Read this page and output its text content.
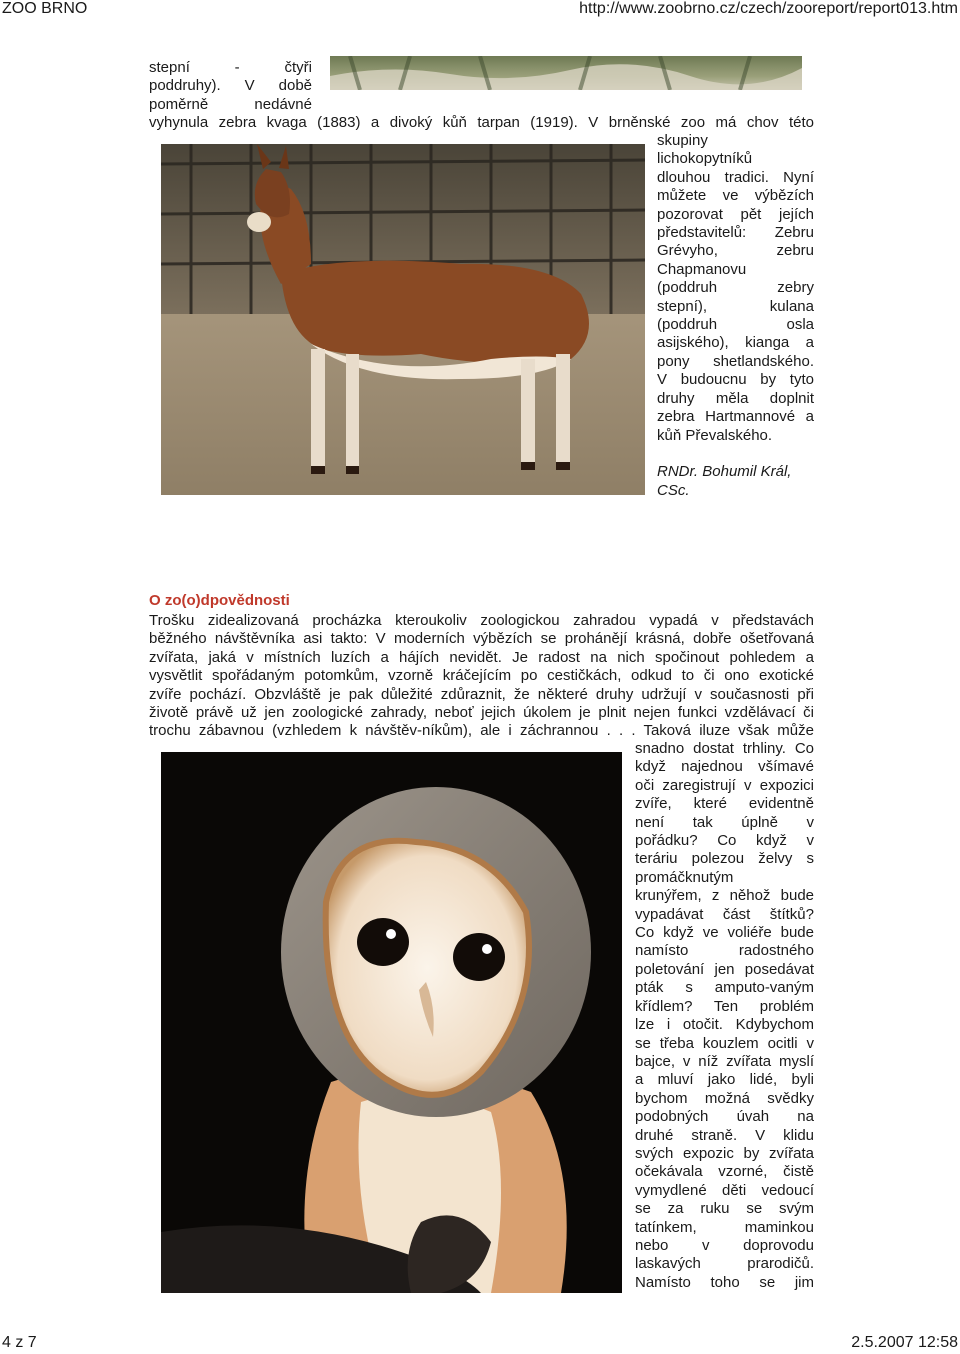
ZOO BRNO	http://www.zoobrno.cz/czech/zooreport/report013.htm
stepní - čtyři
poddruhy). V době
poměrně nedávné
vyhynula zebra kvaga (1883) a divoký kůň tarpan (1919). V brněnské zoo má chov této
skupiny
lichokopytníků
dlouhou tradici. Nyní
můžete ve výbězích
pozorovat pět jejích
představitelů: Zebru
Grévyho, zebru
Chapmanovu
(poddruh zebry
stepní), kulana
(poddruh osla
asijského), kianga a
pony shetlandského.
V budoucnu by tyto
druhy měla doplnit
zebra Hartmannové a
kůň Převalského.
RNDr. Bohumil Král,
CSc.
O zo(o)dpovědnosti
Trošku zidealizovaná procházka kteroukoliv zoologickou zahradou vypadá v představách
běžného návštěvníka asi takto: V moderních výbězích se prohánějí krásná, dobře ošetřovaná
zvířata, jaká v místních luzích a hájích nevidět. Je radost na nich spočinout pohledem a
vysvětlit spořádaným potomkům, vzorně kráčejícím po cestičkách, odkud to či ono exotické
zvíře pochází. Obzvláště je pak důležité zdůraznit, že některé druhy udržují v současnosti při
životě právě už jen zoologické zahrady, neboť jejich úkolem je plnit nejen funkci vzdělávací či
trochu zábavnou (vzhledem k návštěv-níkům), ale i záchrannou . . . Taková iluze však může
snadno dostat trhliny. Co
když najednou všímavé
oči zaregistrují v expozici
zvíře, které evidentně
není tak úplně v
pořádku? Co když v
teráriu polezou želvy s
promáčknutým
krunýřem, z něhož bude
vypadávat část štítků?
Co když ve voliéře bude
namísto radostného
poletování jen posedávat
pták s amputo-vaným
křídlem? Ten problém
lze i otočit. Kdybychom
se třeba kouzlem ocitli v
bajce, v níž zvířata myslí
a mluví jako lidé, byli
bychom možná svědky
podobných úvah na
druhé straně. V klidu
svých expozic by zvířata
očekávala vzorné, čistě
vymydlené děti vedoucí
se za ruku se svým
tatínkem, maminkou
nebo v doprovodu
laskavých prarodičů.
Namísto toho se jim
4 z 7	2.5.2007 12:58
